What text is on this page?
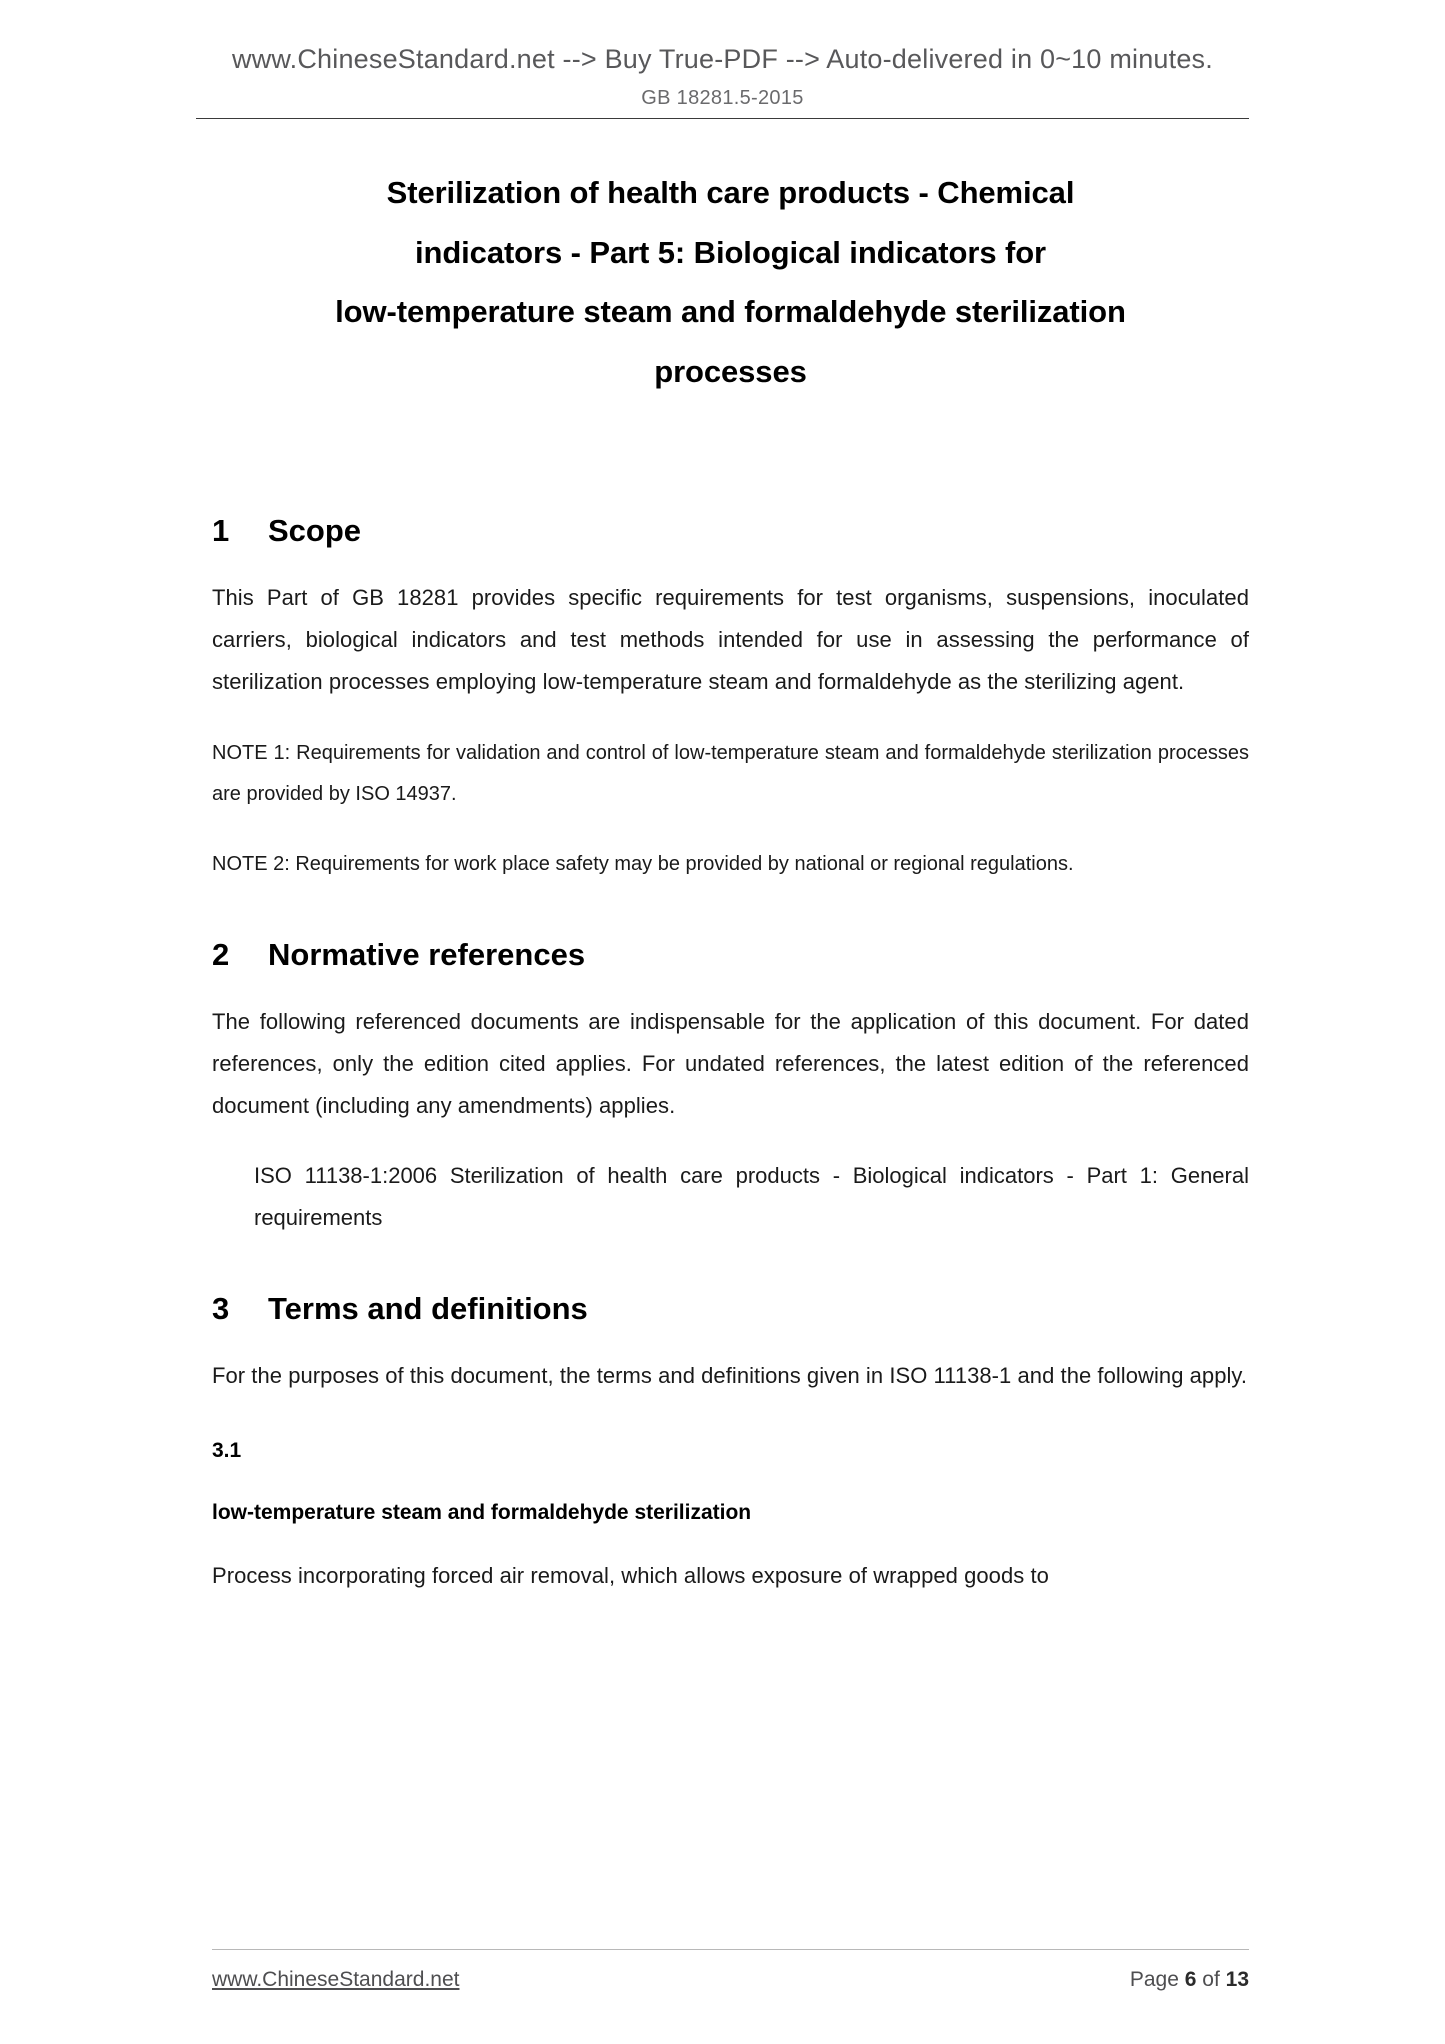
www.ChineseStandard.net --> Buy True-PDF --> Auto-delivered in 0~10 minutes.
GB 18281.5-2015
Sterilization of health care products - Chemical
indicators - Part 5: Biological indicators for
low-temperature steam and formaldehyde sterilization
processes
1	Scope

This Part of GB 18281 provides specific requirements for test organisms, suspensions, inoculated carriers, biological indicators and test methods intended for use in assessing the performance of sterilization processes employing low-temperature steam and formaldehyde as the sterilizing agent.

NOTE 1: Requirements for validation and control of low-temperature steam and formaldehyde sterilization processes are provided by ISO 14937.

NOTE 2: Requirements for work place safety may be provided by national or regional regulations.

2	Normative references

The following referenced documents are indispensable for the application of this document. For dated references, only the edition cited applies. For undated references, the latest edition of the referenced document (including any amendments) applies.

ISO 11138-1:2006 Sterilization of health care products - Biological indicators - Part 1: General requirements

3	Terms and definitions

For the purposes of this document, the terms and definitions given in ISO 11138-1 and the following apply.

3.1

low-temperature steam and formaldehyde sterilization

Process incorporating forced air removal, which allows exposure of wrapped goods to

www.ChineseStandard.net	Page 6 of 13
